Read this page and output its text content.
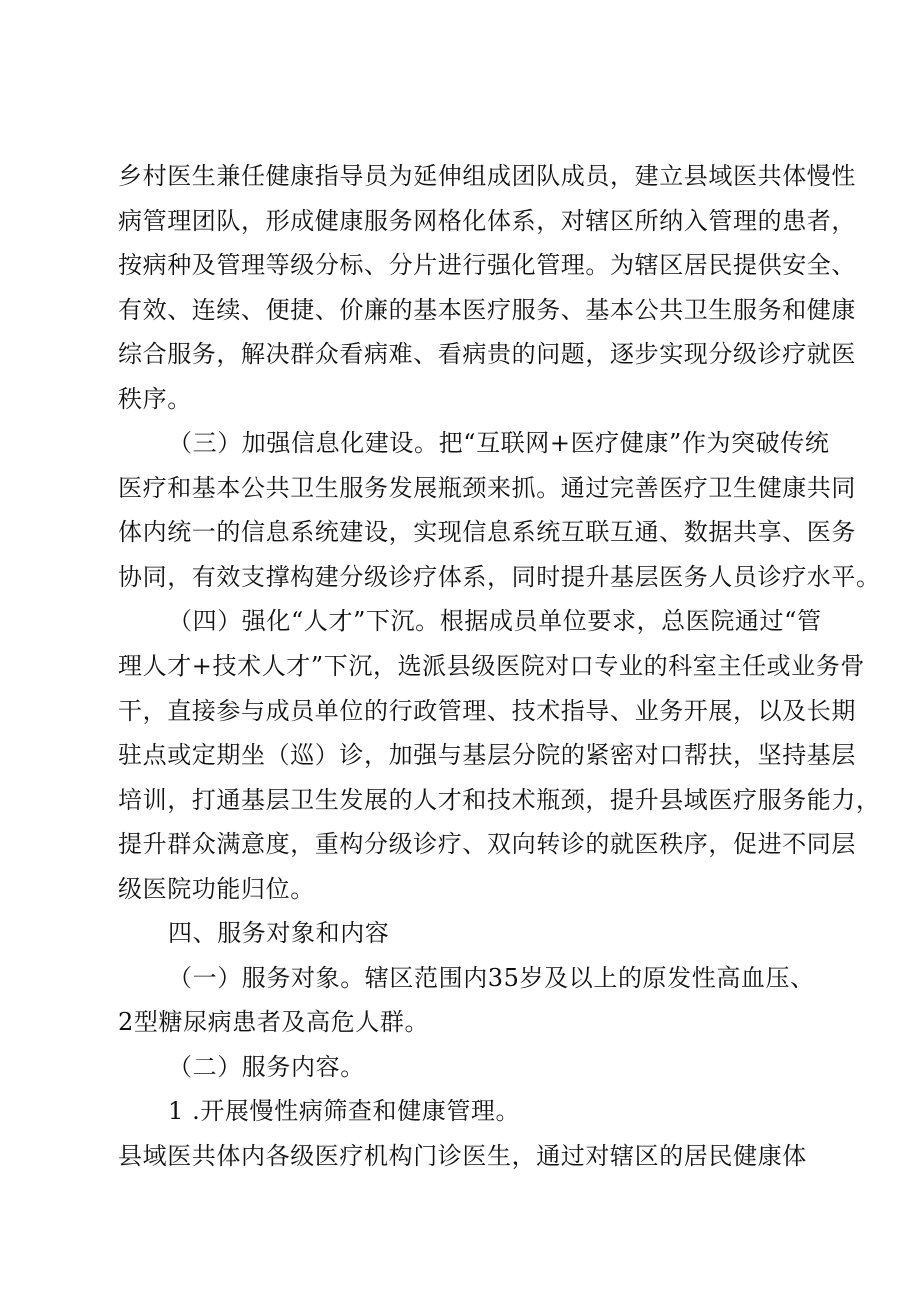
乡村医生兼任健康指导员为延伸组成团队成员，建立县域医共体慢性
病管理团队，形成健康服务网格化体系，对辖区所纳入管理的患者，
按病种及管理等级分标、分片进行强化管理。为辖区居民提供安全、
有效、连续、便捷、价廉的基本医疗服务、基本公共卫生服务和健康
综合服务，解决群众看病难、看病贵的问题，逐步实现分级诊疗就医
秩序。
（三）加强信息化建设。把“互联网+医疗健康”作为突破传统
医疗和基本公共卫生服务发展瓶颈来抓。通过完善医疗卫生健康共同
体内统一的信息系统建设，实现信息系统互联互通、数据共享、医务
协同，有效支撑构建分级诊疗体系，同时提升基层医务人员诊疗水平。
（四）强化“人才”下沉。根据成员单位要求，总医院通过“管
理人才+技术人才”下沉，选派县级医院对口专业的科室主任或业务骨
干，直接参与成员单位的行政管理、技术指导、业务开展，以及长期
驻点或定期坐（巡）诊，加强与基层分院的紧密对口帮扶，坚持基层
培训，打通基层卫生发展的人才和技术瓶颈，提升县域医疗服务能力，
提升群众满意度，重构分级诊疗、双向转诊的就医秩序，促进不同层
级医院功能归位。
四、服务对象和内容
（一）服务对象。辖区范围内35岁及以上的原发性高血压、
2型糖尿病患者及高危人群。
（二）服务内容。
1 .开展慢性病筛查和健康管理。
县域医共体内各级医疗机构门诊医生，通过对辖区的居民健康体
